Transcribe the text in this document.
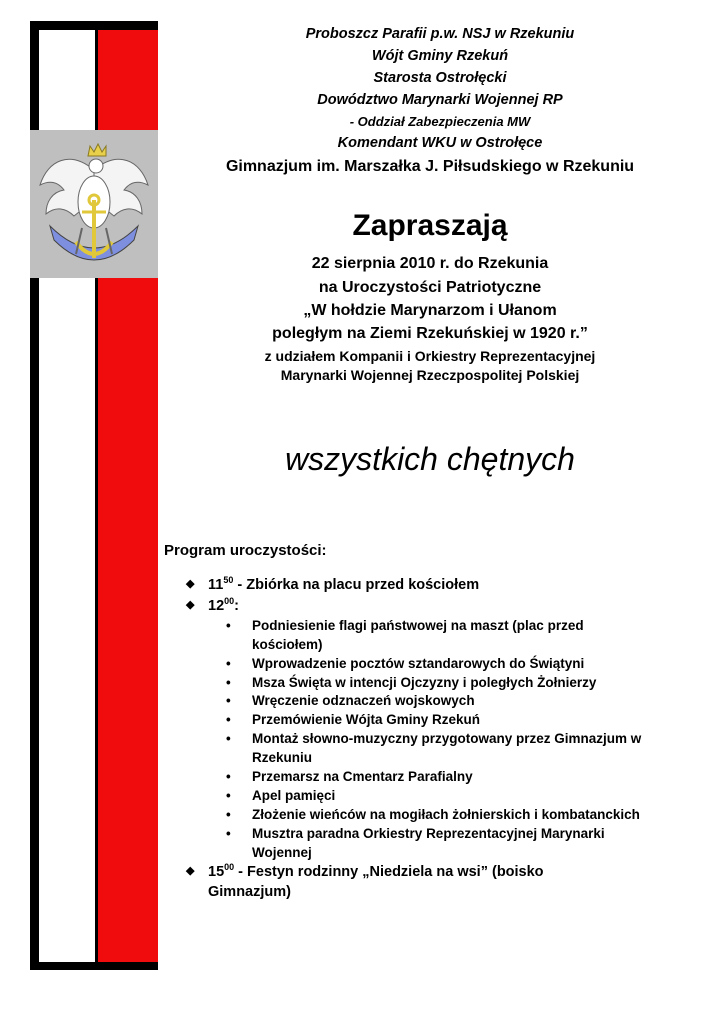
Proboszcz Parafii p.w. NSJ w Rzekuniu
Wójt Gminy Rzekuń
Starosta Ostrołęcki
Dowództwo Marynarki Wojennej RP
- Oddział Zabezpieczenia MW
Komendant WKU w Ostrołęce
Gimnazjum im. Marszałka J. Piłsudskiego w Rzekuniu
Zapraszają
22 sierpnia 2010 r. do Rzekunia
na Uroczystości Patriotyczne
„W hołdzie Marynarzom i Ułanom
poległym na Ziemi Rzekuńskiej w 1920 r.”
z udziałem Kompanii i Orkiestry Reprezentacyjnej
Marynarki Wojennej Rzeczpospolitej Polskiej
wszystkich chętnych
Program uroczystości:
◆ $11^{50}$ - Zbiórka na placu przed kościołem
◆ $12^{00}$:
•	Podniesienie flagi państwowej na maszt (plac przed kościołem)
•	Wprowadzenie pocztów sztandarowych do Świątyni
•	Msza Święta w intencji Ojczyzny i poległych Żołnierzy
•	Wręczenie odznaczeń wojskowych
•	Przemówienie Wójta Gminy Rzekuń
•	Montaż słowno-muzyczny przygotowany przez Gimnazjum w Rzekuniu
•	Przemarsz na Cmentarz Parafialny
•	Apel pamięci
•	Złożenie wieńców na mogiłach żołnierskich i kombatanckich
•	Musztra paradna Orkiestry Reprezentacyjnej Marynarki Wojennej
◆ $15^{00}$ - Festyn rodzinny „Niedziela na wsi” (boisko
Gimnazjum)
